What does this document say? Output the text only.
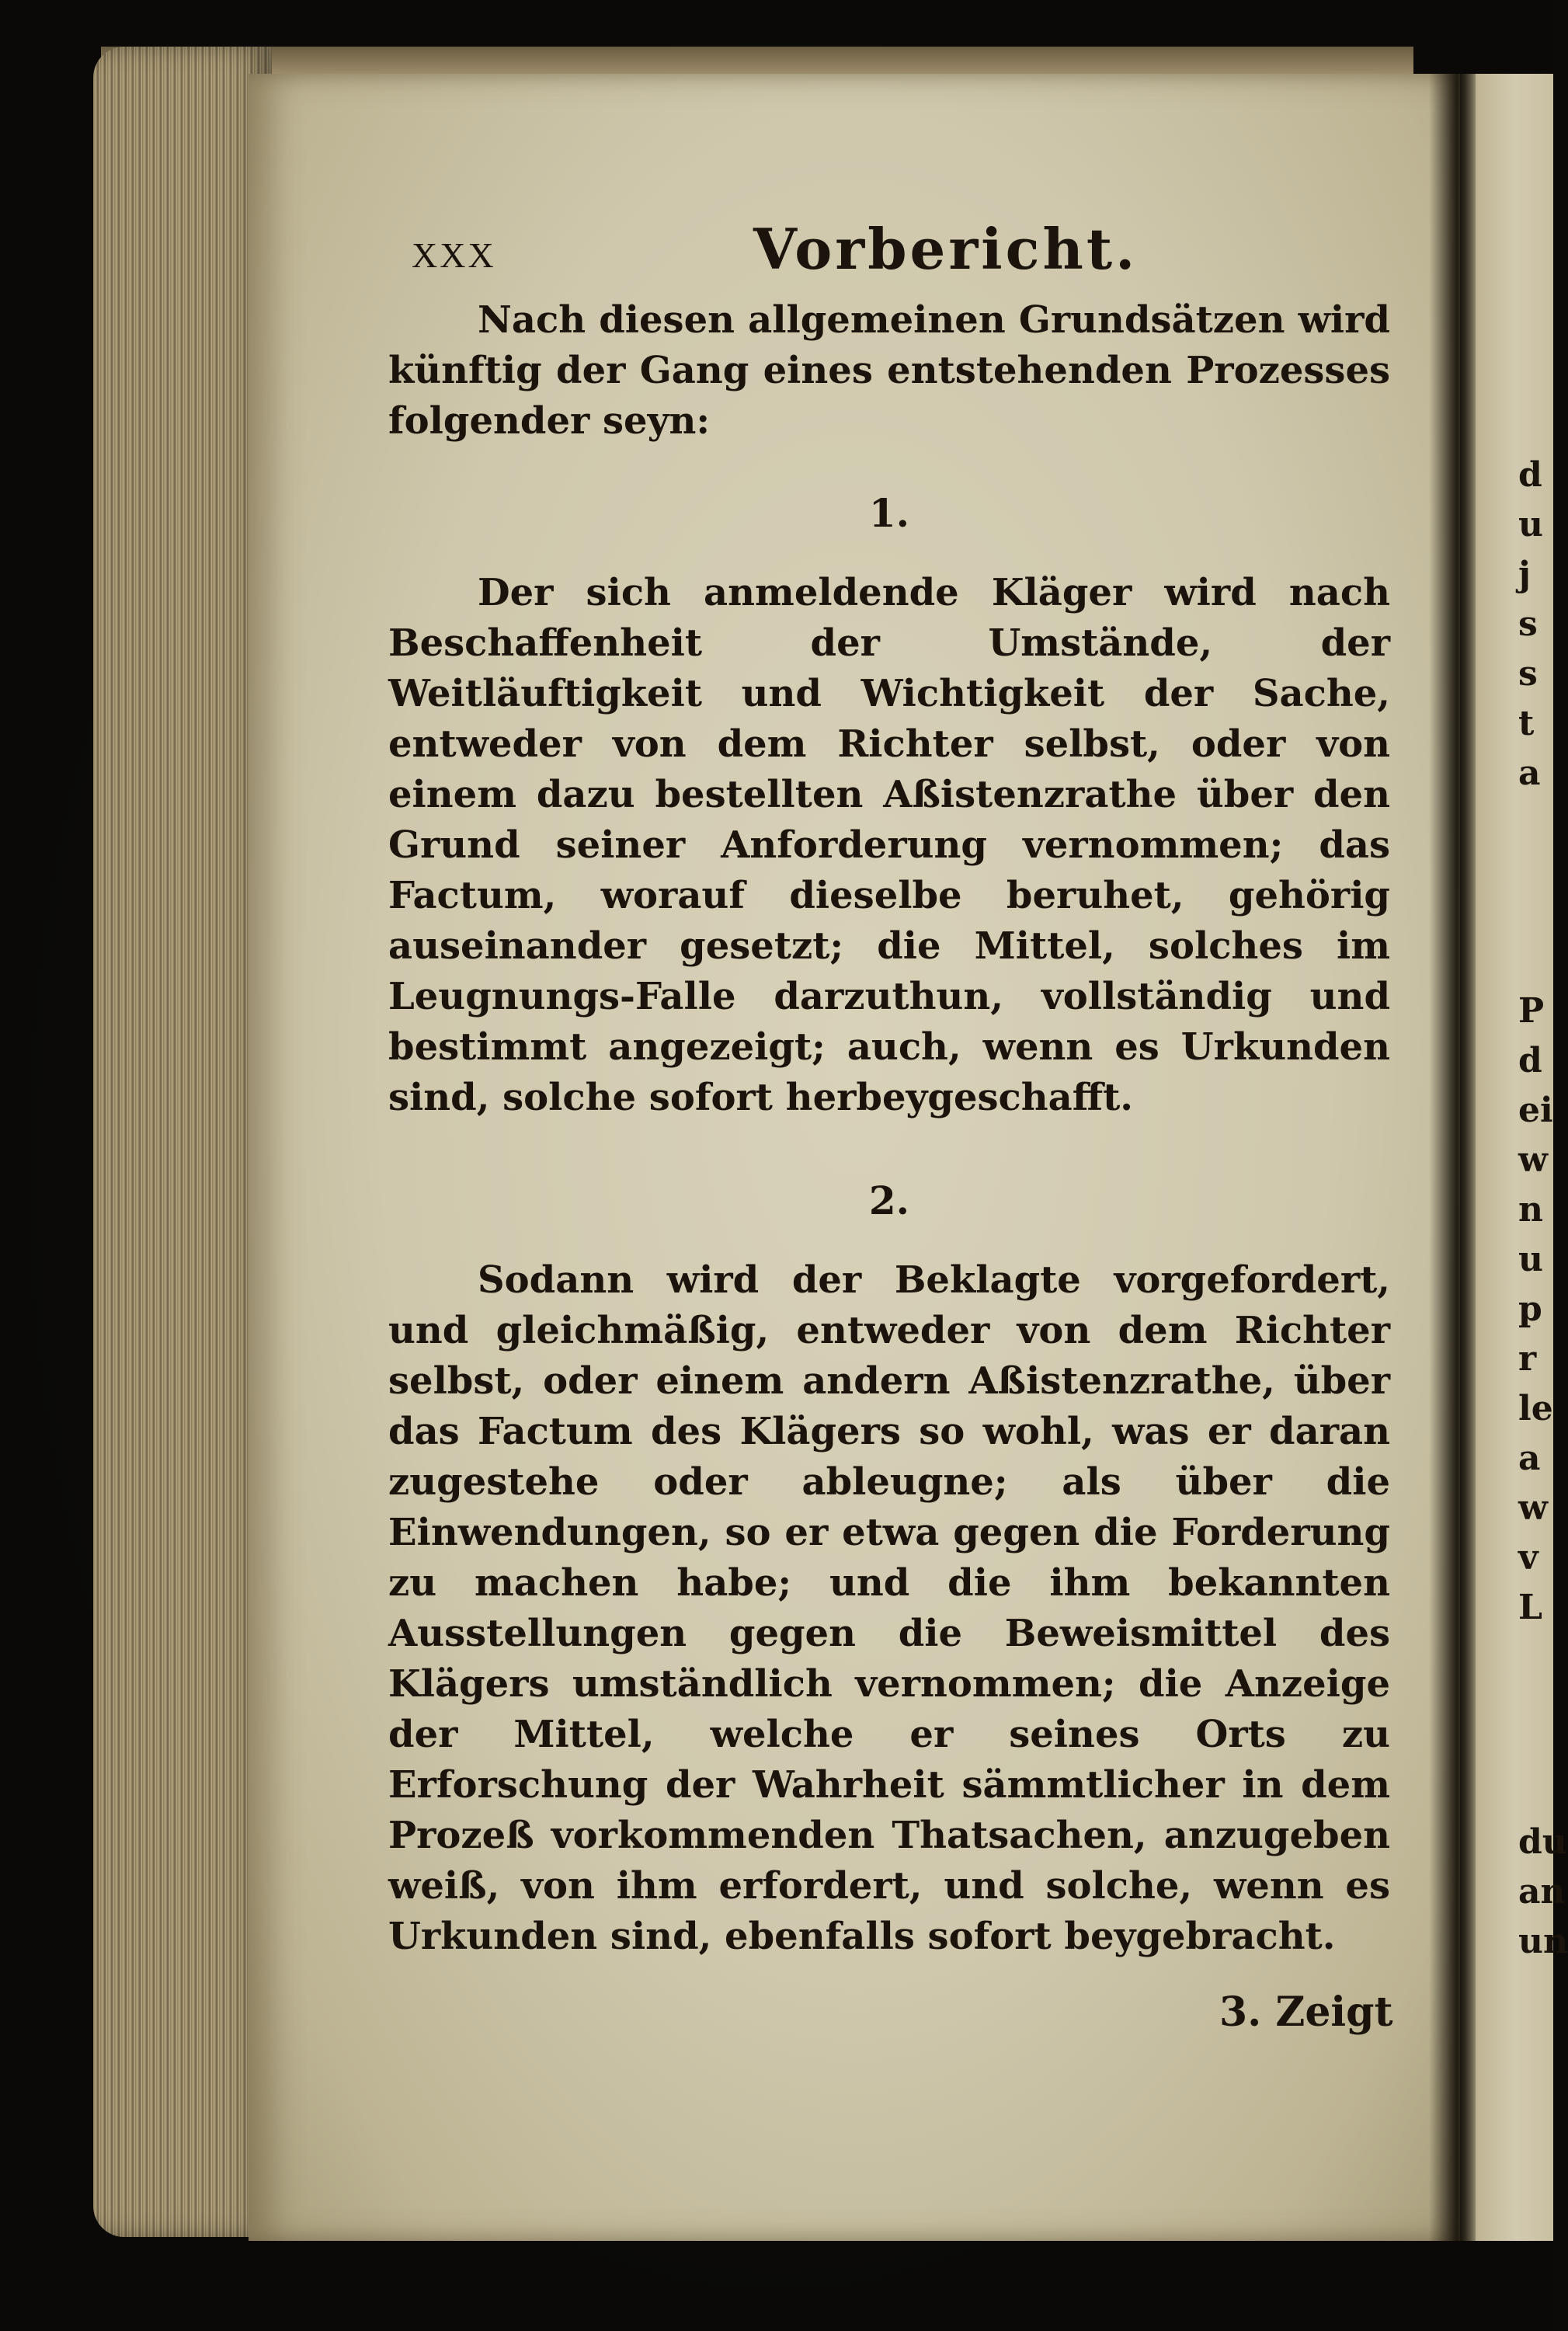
XXX	Vorbericht.

Nach diesen allgemeinen Grundsätzen wird künftig der Gang eines entstehenden Prozesses folgender seyn:

1.

Der sich anmeldende Kläger wird nach Beschaffenheit der Umstände, der Weitläuftigkeit und Wichtigkeit der Sache, entweder von dem Richter selbst, oder von einem dazu bestellten Aßistenzrathe über den Grund seiner Anforderung vernommen; das Factum, worauf dieselbe beruhet, gehörig auseinander gesetzt; die Mittel, solches im Leugnungs-Falle darzuthun, vollständig und bestimmt angezeigt; auch, wenn es Urkunden sind, solche sofort herbeygeschafft.

2.

Sodann wird der Beklagte vorgefordert, und gleichmäßig, entweder von dem Richter selbst, oder einem andern Aßistenzrathe, über das Factum des Klägers so wohl, was er daran zugestehe oder ableugne; als über die Einwendungen, so er etwa gegen die Forderung zu machen habe; und die ihm bekannten Ausstellungen gegen die Beweismittel des Klägers umständlich vernommen; die Anzeige der Mittel, welche er seines Orts zu Erforschung der Wahrheit sämmtlicher in dem Prozeß vorkommenden Thatsachen, anzugeben weiß, von ihm erfordert, und solche, wenn es Urkunden sind, ebenfalls sofort beygebracht.

3. Zeigt
d
u
j
s
s
t
a
P
d
ei
w
n
u
p
r
le
a
w
v
L
du
an
un
